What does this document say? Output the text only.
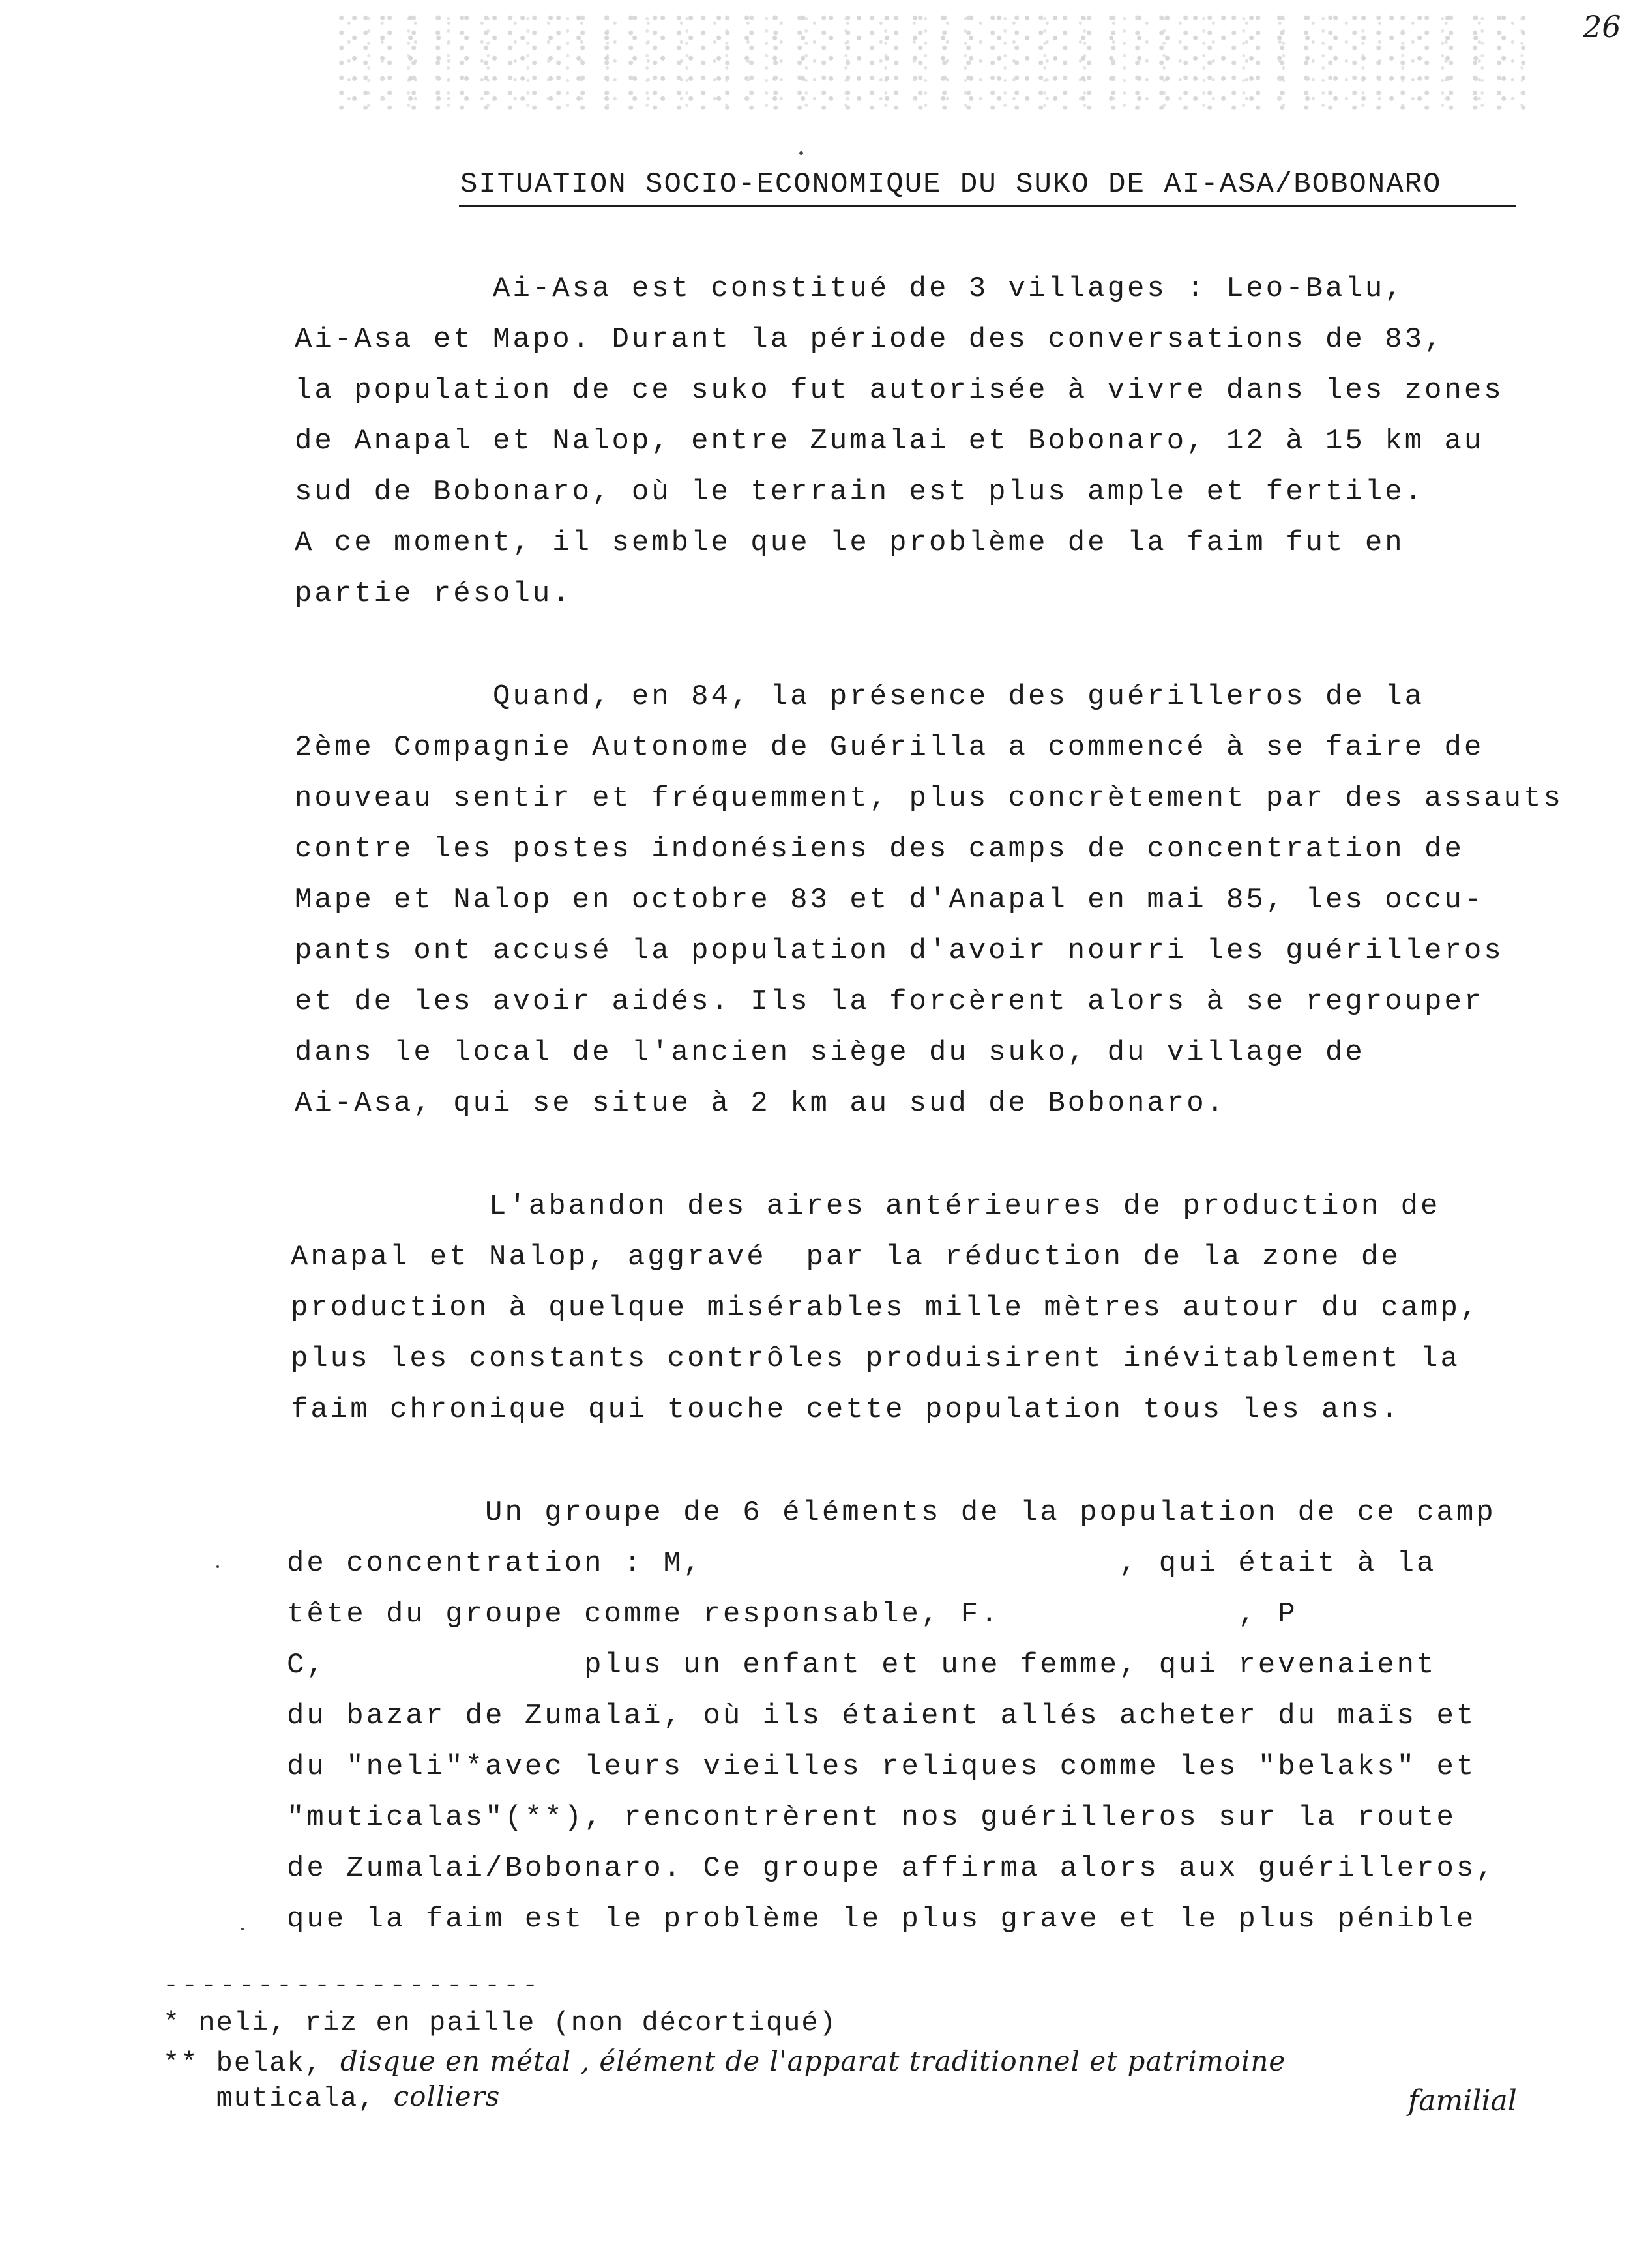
26
SITUATION SOCIO-ECONOMIQUE DU SUKO DE AI-ASA/BOBONARO
Ai-Asa est constitué de 3 villages : Leo-Balu,
Ai-Asa et Mapo. Durant la période des conversations de 83,
la population de ce suko fut autorisée à vivre dans les zones
de Anapal et Nalop, entre Zumalai et Bobonaro, 12 à 15 km au
sud de Bobonaro, où le terrain est plus ample et fertile.
A ce moment, il semble que le problème de la faim fut en
partie résolu.
Quand, en 84, la présence des guérilleros de la
2ème Compagnie Autonome de Guérilla a commencé à se faire de
nouveau sentir et fréquemment, plus concrètement par des assauts
contre les postes indonésiens des camps de concentration de
Mape et Nalop en octobre 83 et d'Anapal en mai 85, les occu-
pants ont accusé la population d'avoir nourri les guérilleros
et de les avoir aidés. Ils la forcèrent alors à se regrouper
dans le local de l'ancien siège du suko, du village de
Ai-Asa, qui se situe à 2 km au sud de Bobonaro.
L'abandon des aires antérieures de production de
Anapal et Nalop, aggravé  par la réduction de la zone de
production à quelque misérables mille mètres autour du camp,
plus les constants contrôles produisirent inévitablement la
faim chronique qui touche cette population tous les ans.
Un groupe de 6 éléments de la population de ce camp
de concentration : M,                     , qui était à la
tête du groupe comme responsable, F.            , P
C,             plus un enfant et une femme, qui revenaient
du bazar de Zumalaï, où ils étaient allés acheter du maïs et
du "neli"*avec leurs vieilles reliques comme les "belaks" et
"muticalas"(**), rencontrèrent nos guérilleros sur la route
de Zumalai/Bobonaro. Ce groupe affirma alors aux guérilleros,
que la faim est le problème le plus grave et le plus pénible
--------------------
* neli, riz en paille (non décortiqué)
** belak, disque en métal , élément de l'apparat traditionnel et patrimoine
muticala, colliers	familial
